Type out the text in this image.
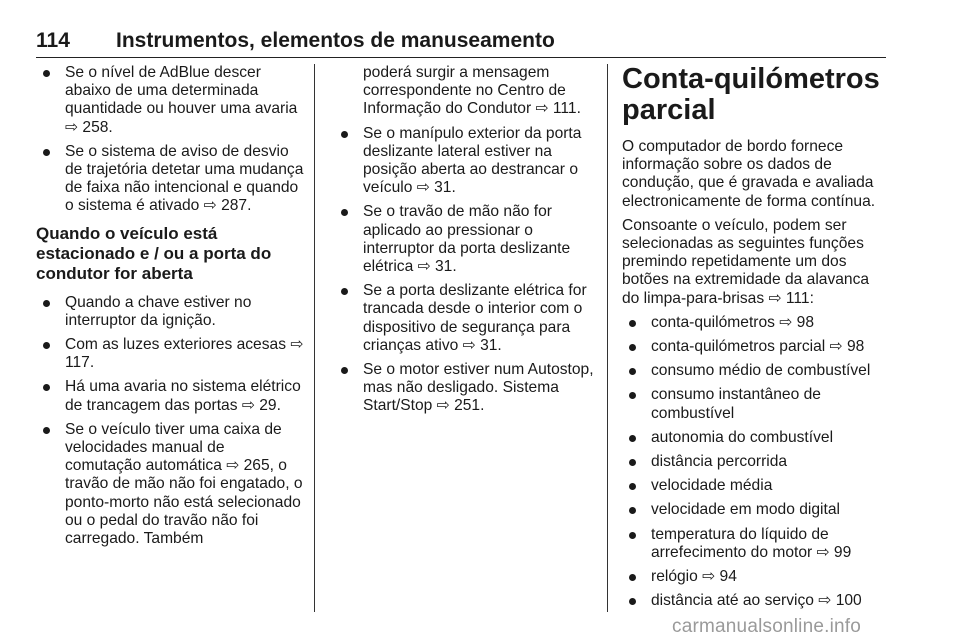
114 Instrumentos, elementos de manuseamento
Se o nível de AdBlue descer abaixo de uma determinada quantidade ou houver uma avaria ⇨ 258.
Se o sistema de aviso de desvio de trajetória detetar uma mudança de faixa não intencional e quando o sistema é ativado ⇨ 287.
Quando o veículo está estacionado e / ou a porta do condutor for aberta
Quando a chave estiver no interruptor da ignição.
Com as luzes exteriores acesas ⇨ 117.
Há uma avaria no sistema elétrico de trancagem das portas ⇨ 29.
Se o veículo tiver uma caixa de velocidades manual de comutação automática ⇨ 265, o travão de mão não foi engatado, o ponto-morto não está selecionado ou o pedal do travão não foi carregado. Também
poderá surgir a mensagem correspondente no Centro de Informação do Condutor ⇨ 111.
Se o manípulo exterior da porta deslizante lateral estiver na posição aberta ao destrancar o veículo ⇨ 31.
Se o travão de mão não for aplicado ao pressionar o interruptor da porta deslizante elétrica ⇨ 31.
Se a porta deslizante elétrica for trancada desde o interior com o dispositivo de segurança para crianças ativo ⇨ 31.
Se o motor estiver num Autostop, mas não desligado. Sistema Start/Stop ⇨ 251.
Conta-quilómetros parcial

O computador de bordo fornece informação sobre os dados de condução, que é gravada e avaliada electronicamente de forma contínua.

Consoante o veículo, podem ser selecionadas as seguintes funções premindo repetidamente um dos botões na extremidade da alavanca do limpa-para-brisas ⇨ 111:

conta-quilómetros ⇨ 98
conta-quilómetros parcial ⇨ 98
consumo médio de combustível
consumo instantâneo de combustível
autonomia do combustível
distância percorrida
velocidade média
velocidade em modo digital
temperatura do líquido de arrefecimento do motor ⇨ 99
relógio ⇨ 94
distância até ao serviço ⇨ 100
carmanualsonline.info
